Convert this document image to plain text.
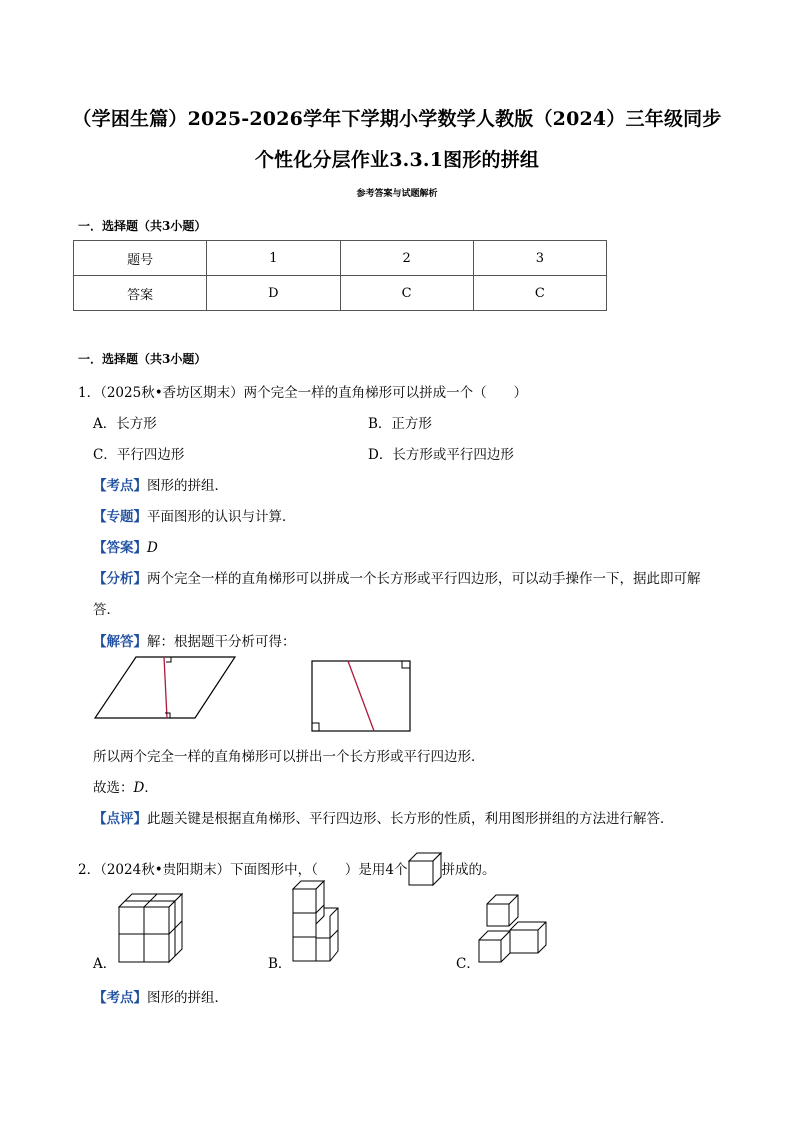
（学困生篇）2025-2026学年下学期小学数学人教版（2024）三年级同步
个性化分层作业3.3.1图形的拼组
参考答案与试题解析
一．选择题（共3小题）
题号	1	2	3
答案	D	C	C
一．选择题（共3小题）
1．（2025秋•香坊区期末）两个完全一样的直角梯形可以拼成一个（　　）
A．长方形	B．正方形
C．平行四边形	D．长方形或平行四边形
【考点】图形的拼组．
【专题】平面图形的认识与计算．
【答案】D
【分析】两个完全一样的直角梯形可以拼成一个长方形或平行四边形，可以动手操作一下，据此即可解
答．
【解答】解：根据题干分析可得：
所以两个完全一样的直角梯形可以拼出一个长方形或平行四边形．
故选：D．
【点评】此题关键是根据直角梯形、平行四边形、长方形的性质，利用图形拼组的方法进行解答．
2．（2024秋•贵阳期末）下面图形中，（　　）是用4个	拼成的。
A．	B．	C．
【考点】图形的拼组．
